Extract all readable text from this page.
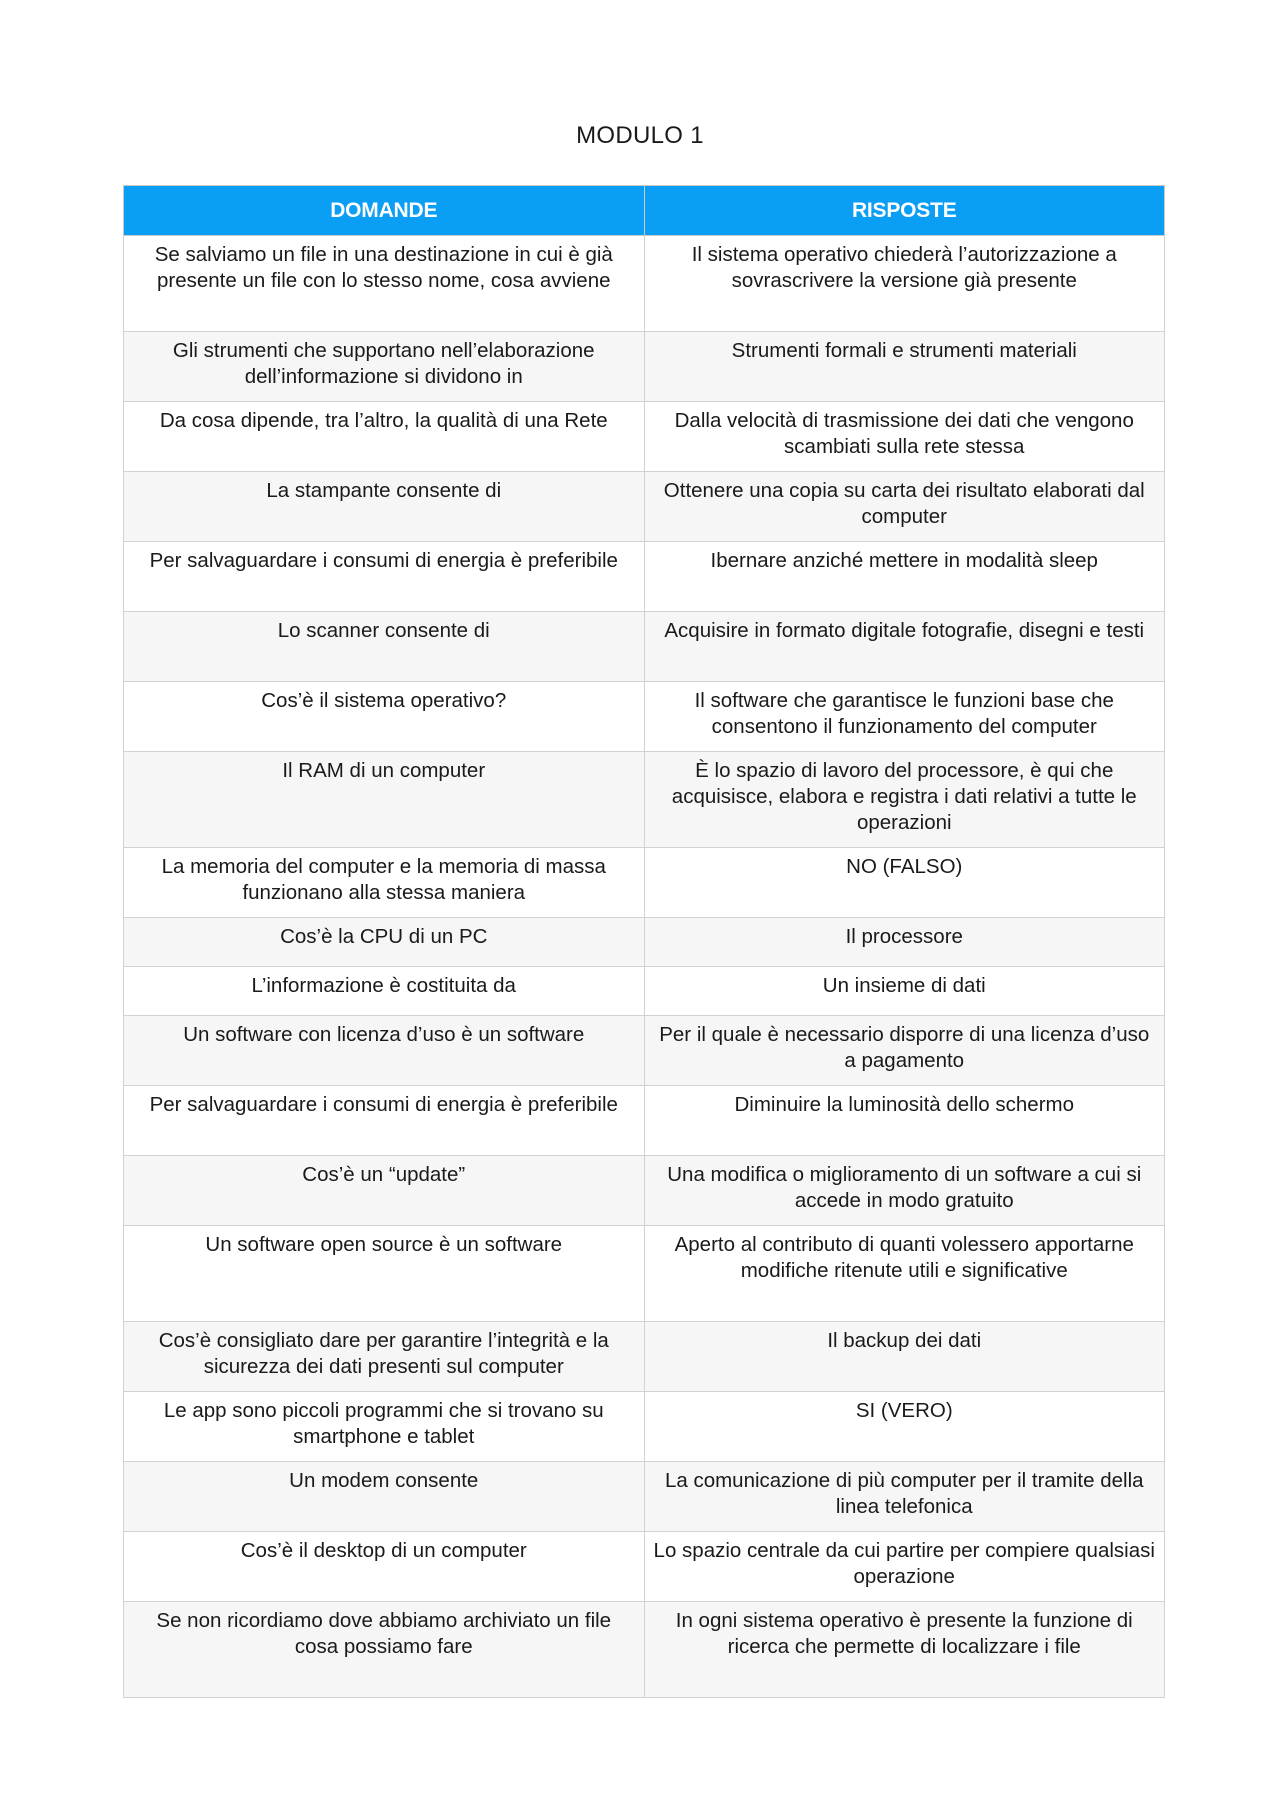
MODULO 1
DOMANDE	RISPOSTE
Se salviamo un file in una destinazione in cui è già presente un file con lo stesso nome, cosa avviene	Il sistema operativo chiederà l’autorizzazione a sovrascrivere la versione già presente
Gli strumenti che supportano nell’elaborazione dell’informazione si dividono in	Strumenti formali e strumenti materiali
Da cosa dipende, tra l’altro, la qualità di una Rete	Dalla velocità di trasmissione dei dati che vengono scambiati sulla rete stessa
La stampante consente di	Ottenere una copia su carta dei risultato elaborati dal computer
Per salvaguardare i consumi di energia è preferibile	Ibernare anziché mettere in modalità sleep
Lo scanner consente di	Acquisire in formato digitale fotografie, disegni e testi
Cos’è il sistema operativo?	Il software che garantisce le funzioni base che consentono il funzionamento del computer
Il RAM di un computer	È lo spazio di lavoro del processore, è qui che acquisisce, elabora e registra i dati relativi a tutte le operazioni
La memoria del computer e la memoria di massa funzionano alla stessa maniera	NO (FALSO)
Cos’è la CPU di un PC	Il processore
L’informazione è costituita da	Un insieme di dati
Un software con licenza d’uso è un software	Per il quale è necessario disporre di una licenza d’uso a pagamento
Per salvaguardare i consumi di energia è preferibile	Diminuire la luminosità dello schermo
Cos’è un “update”	Una modifica o miglioramento di un software a cui si accede in modo gratuito
Un software open source è un software	Aperto al contributo di quanti volessero apportarne modifiche ritenute utili e significative
Cos’è consigliato dare per garantire l’integrità e la sicurezza dei dati presenti sul computer	Il backup dei dati
Le app sono piccoli programmi che si trovano su smartphone e tablet	SI (VERO)
Un modem consente	La comunicazione di più computer per il tramite della linea telefonica
Cos’è il desktop di un computer	Lo spazio centrale da cui partire per compiere qualsiasi operazione
Se non ricordiamo dove abbiamo archiviato un file cosa possiamo fare	In ogni sistema operativo è presente la funzione di ricerca che permette di localizzare i file
